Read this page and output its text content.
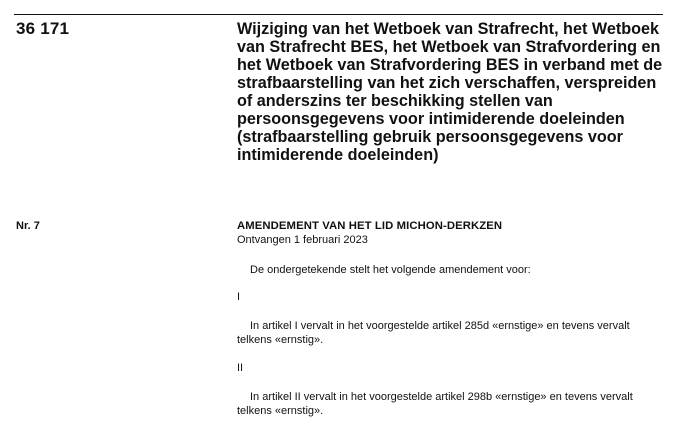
36 171	Wijziging van het Wetboek van Strafrecht, het Wetboek van Strafrecht BES, het Wetboek van Strafvordering en het Wetboek van Strafvordering BES in verband met de strafbaarstelling van het zich verschaffen, verspreiden of anderszins ter beschikking stellen van persoonsgegevens voor intimiderende doeleinden (strafbaarstelling gebruik persoonsgegevens voor intimiderende doeleinden)
Nr. 7	AMENDEMENT VAN HET LID MICHON-DERKZEN

Ontvangen 1 februari 2023

De ondergetekende stelt het volgende amendement voor:

I

In artikel I vervalt in het voorgestelde artikel 285d «ernstige» en tevens vervalt telkens «ernstig».

II

In artikel II vervalt in het voorgestelde artikel 298b «ernstige» en tevens vervalt telkens «ernstig».
